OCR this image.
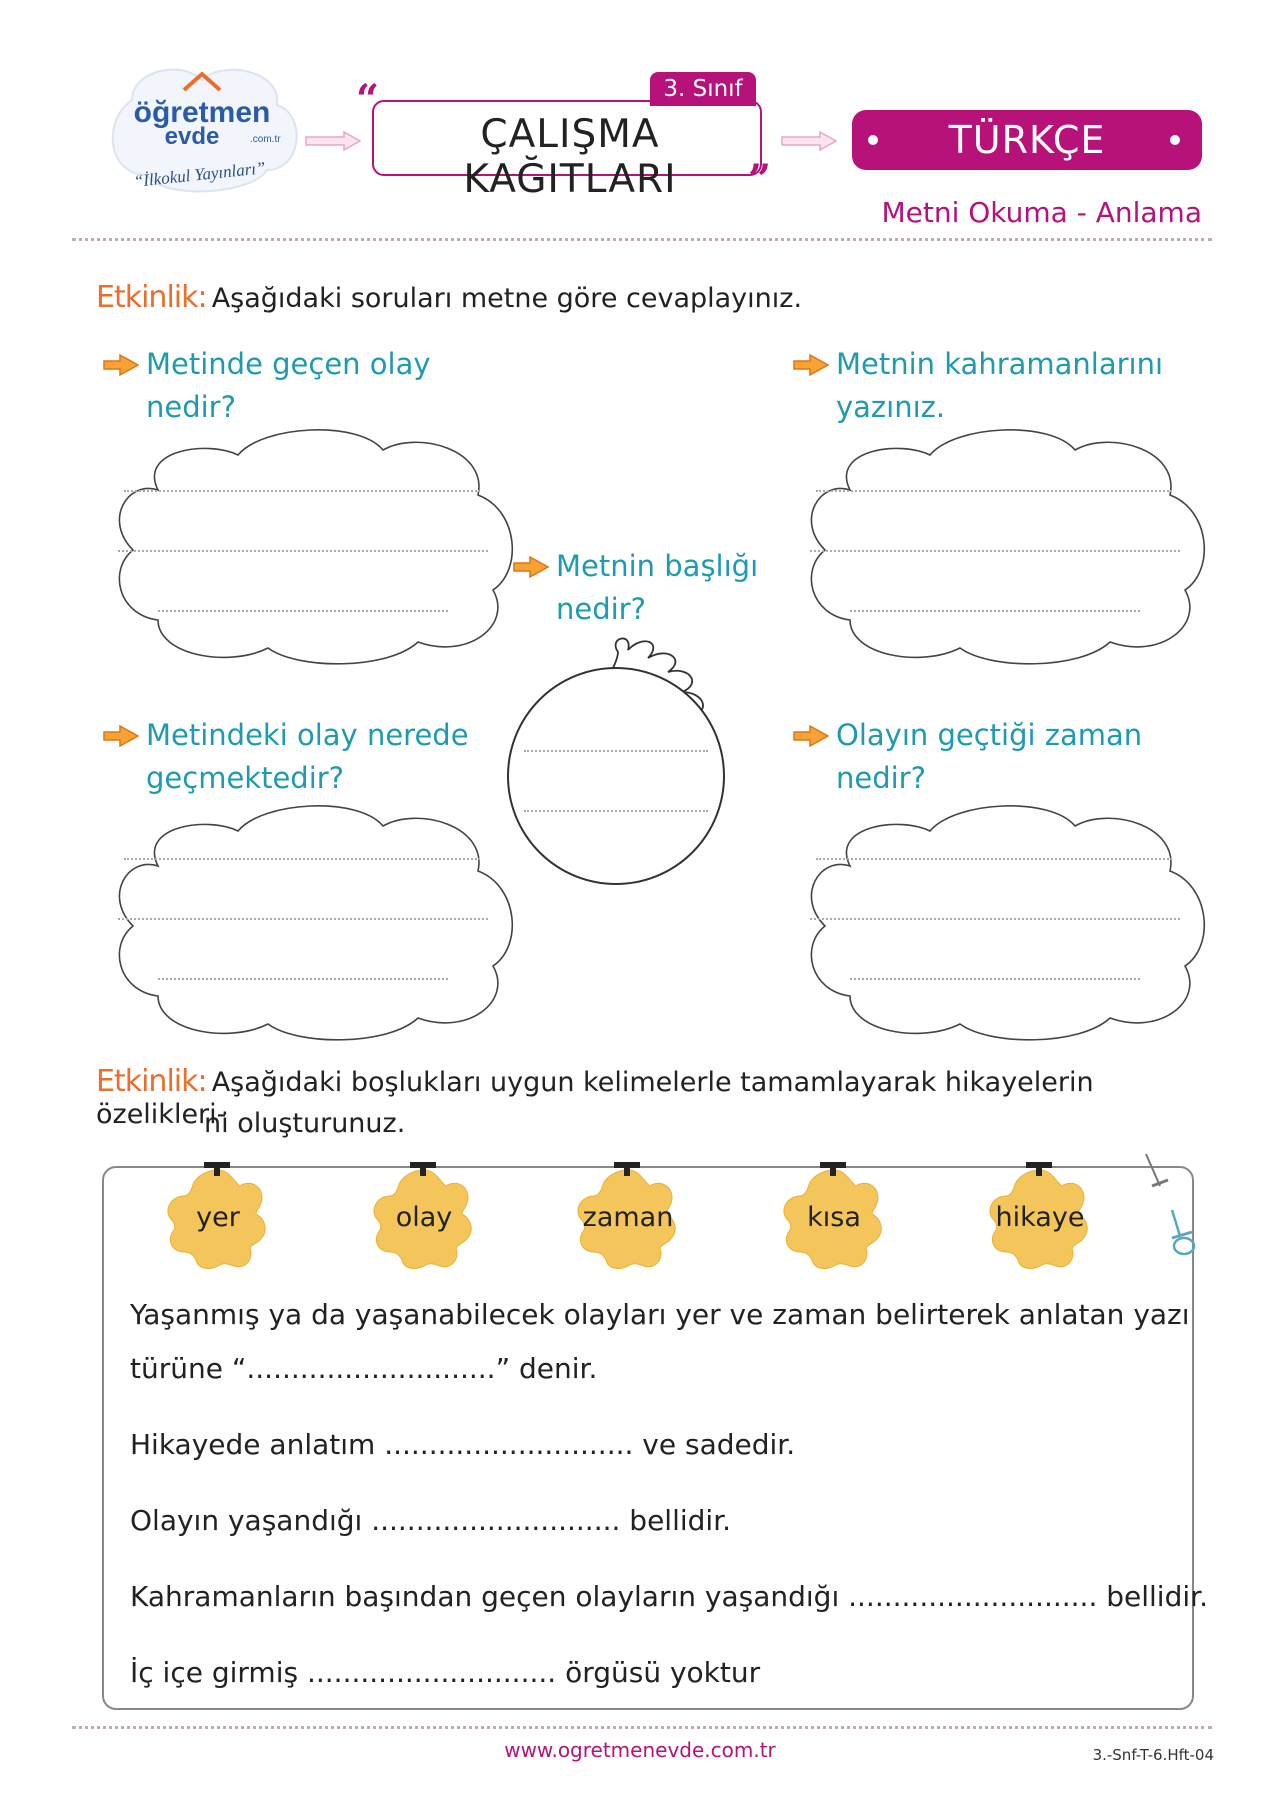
öğretmen
evde	.com.tr
“İlkokul Yayınları”
3. Sınıf
“
ÇALIŞMA KAĞITLARI	”
TÜRKÇE
Metni Okuma - Anlama
Etkinlik: Aşağıdaki soruları metne göre cevaplayınız.
Metinde geçen olay
nedir?
Metnin kahramanlarını
yazınız.
Metnin başlığı
nedir?
Metindeki olay nerede
geçmektedir?
Olayın geçtiği zaman
nedir?
Etkinlik: Aşağıdaki boşlukları uygun kelimelerle tamamlayarak hikayelerin özelikleri-
ni oluşturunuz.
yer	olay	zaman	kısa	hikaye
Yaşanmış ya da yaşanabilecek olayları yer ve zaman belirterek anlatan yazı
türüne “............................” denir.
Hikayede anlatım ............................ ve sadedir.
Olayın yaşandığı ............................ bellidir.
Kahramanların başından geçen olayların yaşandığı ............................ bellidir.
İç içe girmiş ............................ örgüsü yoktur
www.ogretmenevde.com.tr	3.-Snf-T-6.Hft-04
